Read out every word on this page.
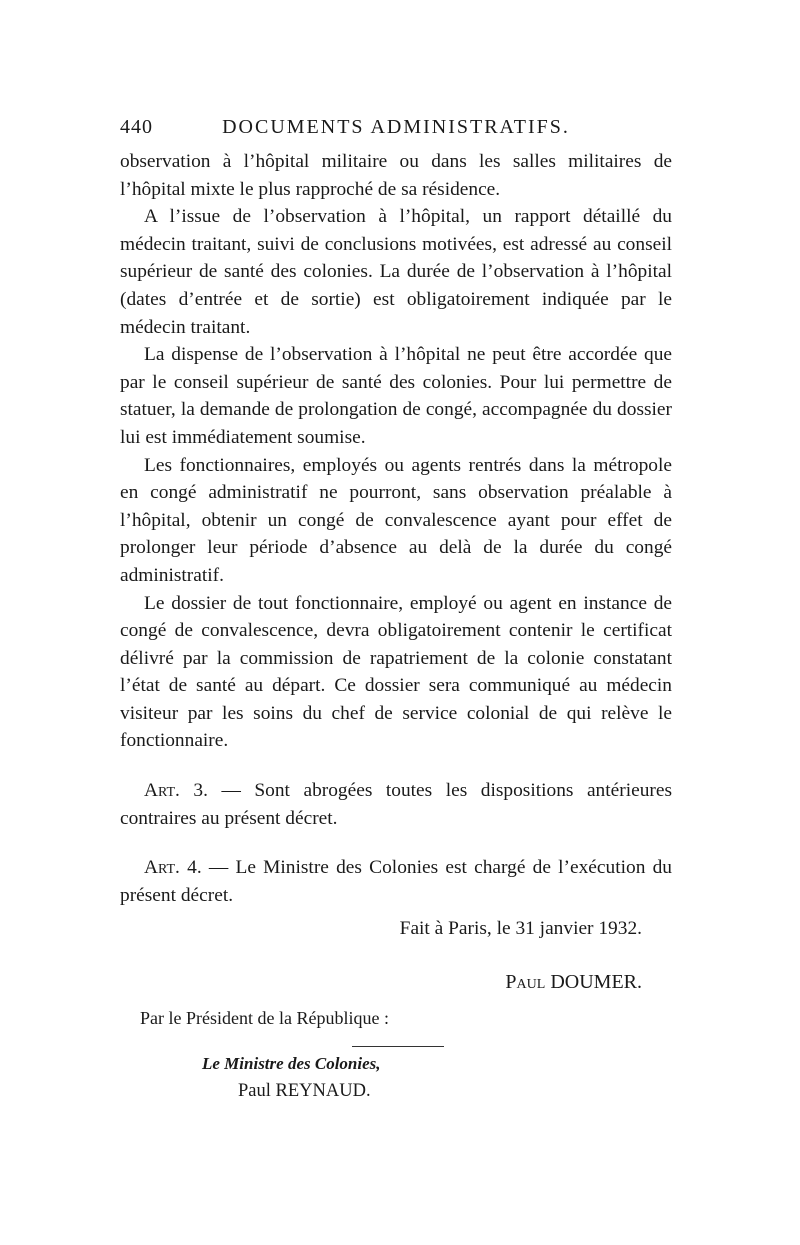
440	DOCUMENTS ADMINISTRATIFS.

observation à l’hôpital militaire ou dans les salles militaires de l’hôpital mixte le plus rapproché de sa résidence.

A l’issue de l’observation à l’hôpital, un rapport détaillé du médecin traitant, suivi de conclusions motivées, est adressé au conseil supérieur de santé des colonies. La durée de l’observation à l’hôpital (dates d’entrée et de sortie) est obligatoirement indiquée par le médecin traitant.

La dispense de l’observation à l’hôpital ne peut être accordée que par le conseil supérieur de santé des colonies. Pour lui permettre de statuer, la demande de prolongation de congé, accompagnée du dossier lui est immédiatement soumise.

Les fonctionnaires, employés ou agents rentrés dans la métropole en congé administratif ne pourront, sans observation préalable à l’hôpital, obtenir un congé de convalescence ayant pour effet de prolonger leur période d’absence au delà de la durée du congé administratif.

Le dossier de tout fonctionnaire, employé ou agent en instance de congé de convalescence, devra obligatoirement contenir le certificat délivré par la commission de rapatriement de la colonie constatant l’état de santé au départ. Ce dossier sera communiqué au médecin visiteur par les soins du chef de service colonial de qui relève le fonctionnaire.

Art. 3. — Sont abrogées toutes les dispositions antérieures contraires au présent décret.

Art. 4. — Le Ministre des Colonies est chargé de l’exécution du présent décret.

Fait à Paris, le 31 janvier 1932.
Paul DOUMER.
Par le Président de la République :
Le Ministre des Colonies,
Paul REYNAUD.
